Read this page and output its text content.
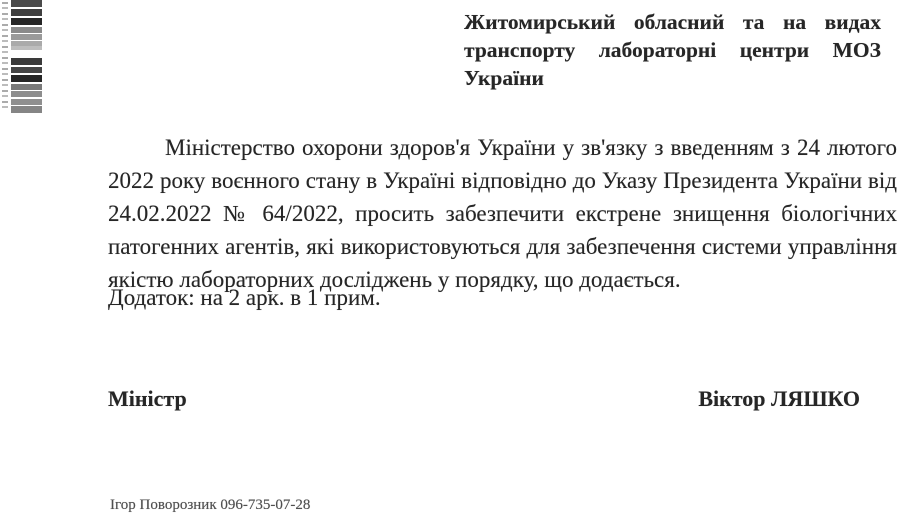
Житомирський обласний та на видах
транспорту лабораторні центри МОЗ
України
Міністерство охорони здоров'я України у зв'язку з введенням з 24 лютого
2022 року воєнного стану в Україні відповідно до Указу Президента України від
24.02.2022 № 64/2022, просить забезпечити екстрене знищення біологічних
патогенних агентів, які використовуються для забезпечення системи управління
якістю лабораторних досліджень у порядку, що додається.
Додаток: на 2 арк. в 1 прим.
Міністр	Віктор ЛЯШКО
Ігор Поворозник 096-735-07-28
